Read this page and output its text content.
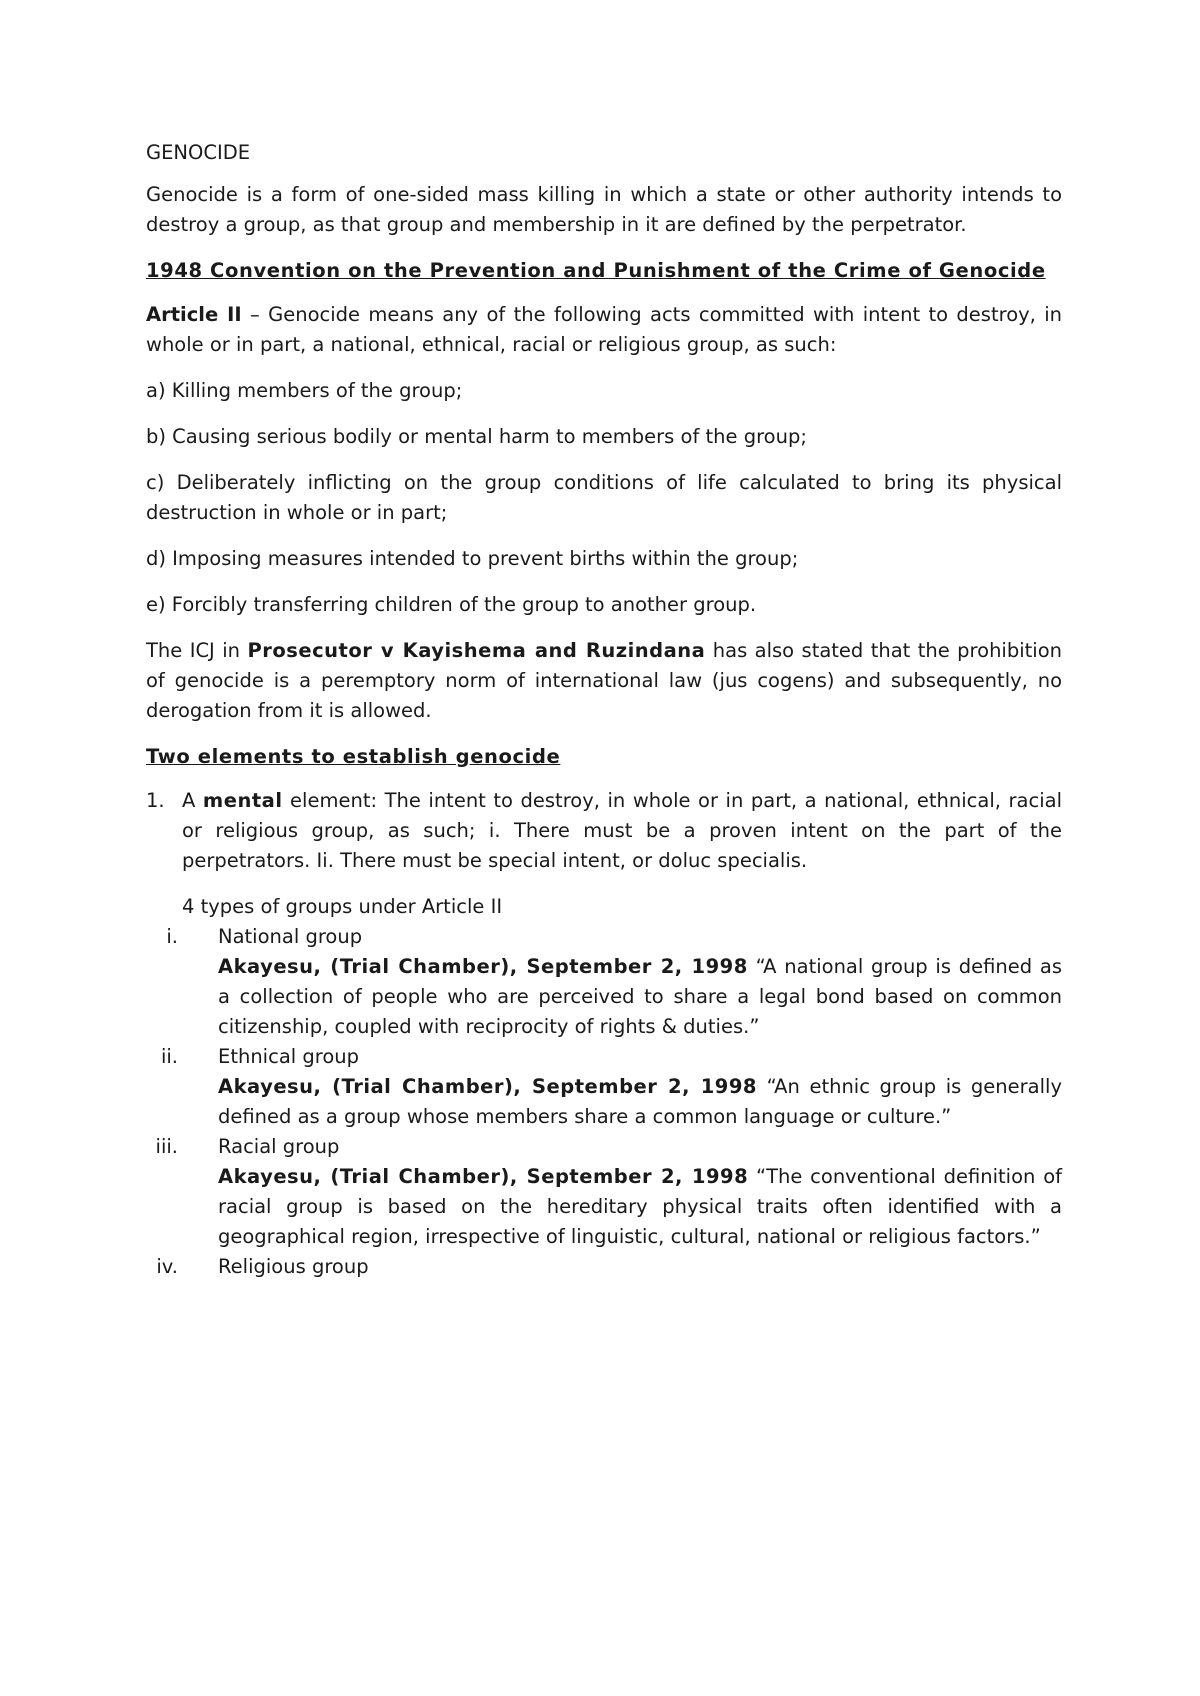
GENOCIDE

Genocide is a form of one-sided mass killing in which a state or other authority intends to destroy a group, as that group and membership in it are defined by the perpetrator.

1948 Convention on the Prevention and Punishment of the Crime of Genocide

Article II – Genocide means any of the following acts committed with intent to destroy, in whole or in part, a national, ethnical, racial or religious group, as such:

a) Killing members of the group;

b) Causing serious bodily or mental harm to members of the group;

c) Deliberately inflicting on the group conditions of life calculated to bring its physical destruction in whole or in part;

d) Imposing measures intended to prevent births within the group;

e) Forcibly transferring children of the group to another group.

The ICJ in Prosecutor v Kayishema and Ruzindana has also stated that the prohibition of genocide is a peremptory norm of international law (jus cogens) and subsequently, no derogation from it is allowed.

Two elements to establish genocide

1. A mental element: The intent to destroy, in whole or in part, a national, ethnical, racial or religious group, as such; i. There must be a proven intent on the part of the perpetrators. Ii. There must be special intent, or doluc specialis.

4 types of groups under Article II

i. National group
Akayesu, (Trial Chamber), September 2, 1998 “A national group is defined as a collection of people who are perceived to share a legal bond based on common citizenship, coupled with reciprocity of rights & duties.”
ii. Ethnical group
Akayesu, (Trial Chamber), September 2, 1998 “An ethnic group is generally defined as a group whose members share a common language or culture.”
iii. Racial group
Akayesu, (Trial Chamber), September 2, 1998 “The conventional definition of racial group is based on the hereditary physical traits often identified with a geographical region, irrespective of linguistic, cultural, national or religious factors.”
iv. Religious group
